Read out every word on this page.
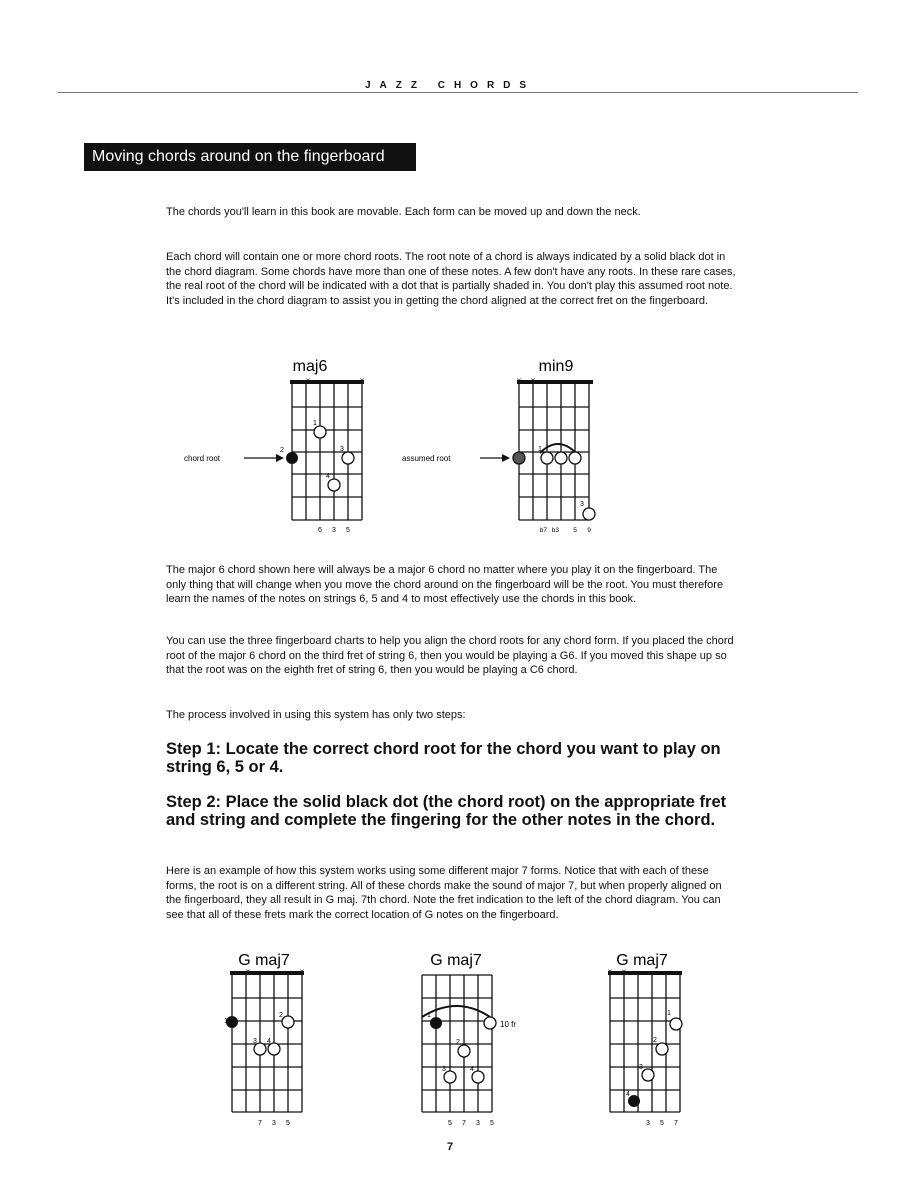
JAZZ CHORDS
Moving chords around on the fingerboard

The chords you'll learn in this book are movable. Each form can be moved up and down the neck.

Each chord will contain one or more chord roots. The root note of a chord is always indicated by a solid black dot in the chord diagram. Some chords have more than one of these notes. A few don't have any roots. In these rare cases, the real root of the chord will be indicated with a dot that is partially shaded in. You don't play this assumed root note. It's included in the chord diagram to assist you in getting the chord aligned at the correct fret on the fingerboard.

maj6
chord root
1
2	3
4
6 3 5
min9
assumed root
1
3
b7 b3 5 9

The major 6 chord shown here will always be a major 6 chord no matter where you play it on the fingerboard. The only thing that will change when you move the chord around on the fingerboard will be the root. You must therefore learn the names of the notes on strings 6, 5 and 4 to most effectively use the chords in this book.

You can use the three fingerboard charts to help you align the chord roots for any chord form. If you placed the chord root of the major 6 chord on the third fret of string 6, then you would be playing a G6. If you moved this shape up so that the root was on the eighth fret of string 6, then you would be playing a C6 chord.

The process involved in using this system has only two steps:

Step 1: Locate the correct chord root for the chord you want to play on string 6, 5 or 4.

Step 2: Place the solid black dot (the chord root) on the appropriate fret and string and complete the fingering for the other notes in the chord.

Here is an example of how this system works using some different major 7 forms. Notice that with each of these forms, the root is on a different string. All of these chords make the sound of major 7, but when properly aligned on the fingerboard, they all result in G maj. 7th chord. Note the fret indication to the left of the chord diagram. You can see that all of these frets mark the correct location of G notes on the fingerboard.

G maj7
1
2
3 4
7 3 5
G maj7
10 fr
1
2
3	4
5 7 3 5
G maj7
1
2
3
4
3 5 7
7
